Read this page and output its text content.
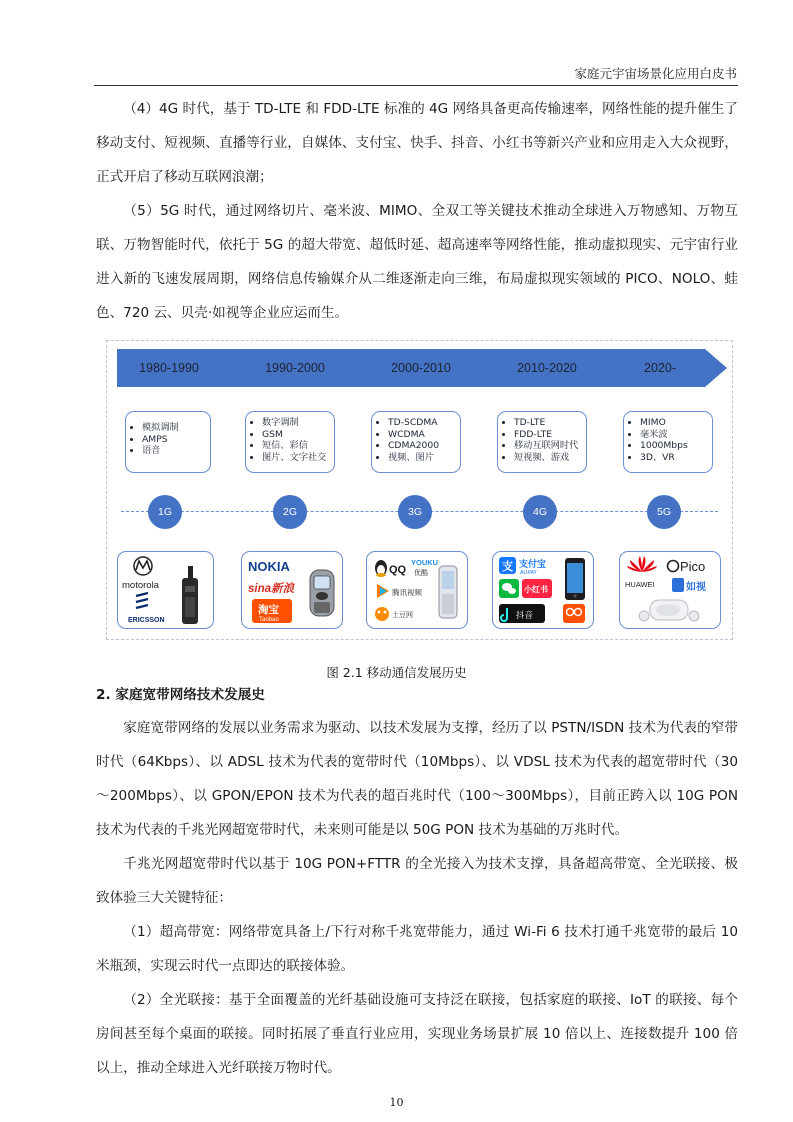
家庭元宇宙场景化应用白皮书

（4）4G 时代，基于 TD-LTE 和 FDD-LTE 标准的 4G 网络具备更高传输速率，网络性能的提升催生了移动支付、短视频、直播等行业，自媒体、支付宝、快手、抖音、小红书等新兴产业和应用走入大众视野，正式开启了移动互联网浪潮；

（5）5G 时代，通过网络切片、毫米波、MIMO、全双工等关键技术推动全球进入万物感知、万物互联、万物智能时代，依托于 5G 的超大带宽、超低时延、超高速率等网络性能，推动虚拟现实、元宇宙行业进入新的飞速发展周期，网络信息传输媒介从二维逐渐走向三维，布局虚拟现实领域的 PICO、NOLO、蛙色、720 云、贝壳·如视等企业应运而生。

1980-1990	1990-2000	2000-2010	2010-2020	2020-
• 模拟调制
• AMPS
• 语音
• 数字调制
• GSM
• 短信、彩信
• 图片、文字社交
• TD-SCDMA
• WCDMA
• CDMA2000
• 视频、图片
• TD-LTE
• FDD-LTE
• 移动互联网时代
• 短视频、游戏
• MIMO
• 毫米波
• 1000Mbps
• 3D、VR
1G	2G	3G	4G	5G
motorola
ERICSSON
NOKIA
sina新浪
淘宝
Taobao
QQ
YOUKU
优酷
腾讯视频
土豆网
支 支付宝
ALIPAY
小红书
抖音
HUAWEI
Pico
如视
图 2.1 移动通信发展历史
2. 家庭宽带网络技术发展史

家庭宽带网络的发展以业务需求为驱动、以技术发展为支撑，经历了以 PSTN/ISDN 技术为代表的窄带时代（64Kbps）、以 ADSL 技术为代表的宽带时代（10Mbps）、以 VDSL 技术为代表的超宽带时代（30～200Mbps）、以 GPON/EPON 技术为代表的超百兆时代（100～300Mbps），目前正跨入以 10G PON 技术为代表的千兆光网超宽带时代，未来则可能是以 50G PON 技术为基础的万兆时代。

千兆光网超宽带时代以基于 10G PON+FTTR 的全光接入为技术支撑，具备超高带宽、全光联接、极致体验三大关键特征：

（1）超高带宽：网络带宽具备上/下行对称千兆宽带能力，通过 Wi-Fi 6 技术打通千兆宽带的最后 10 米瓶颈，实现云时代一点即达的联接体验。

（2）全光联接：基于全面覆盖的光纤基础设施可支持泛在联接，包括家庭的联接、IoT 的联接、每个房间甚至每个桌面的联接。同时拓展了垂直行业应用，实现业务场景扩展 10 倍以上、连接数提升 100 倍以上，推动全球进入光纤联接万物时代。

10
